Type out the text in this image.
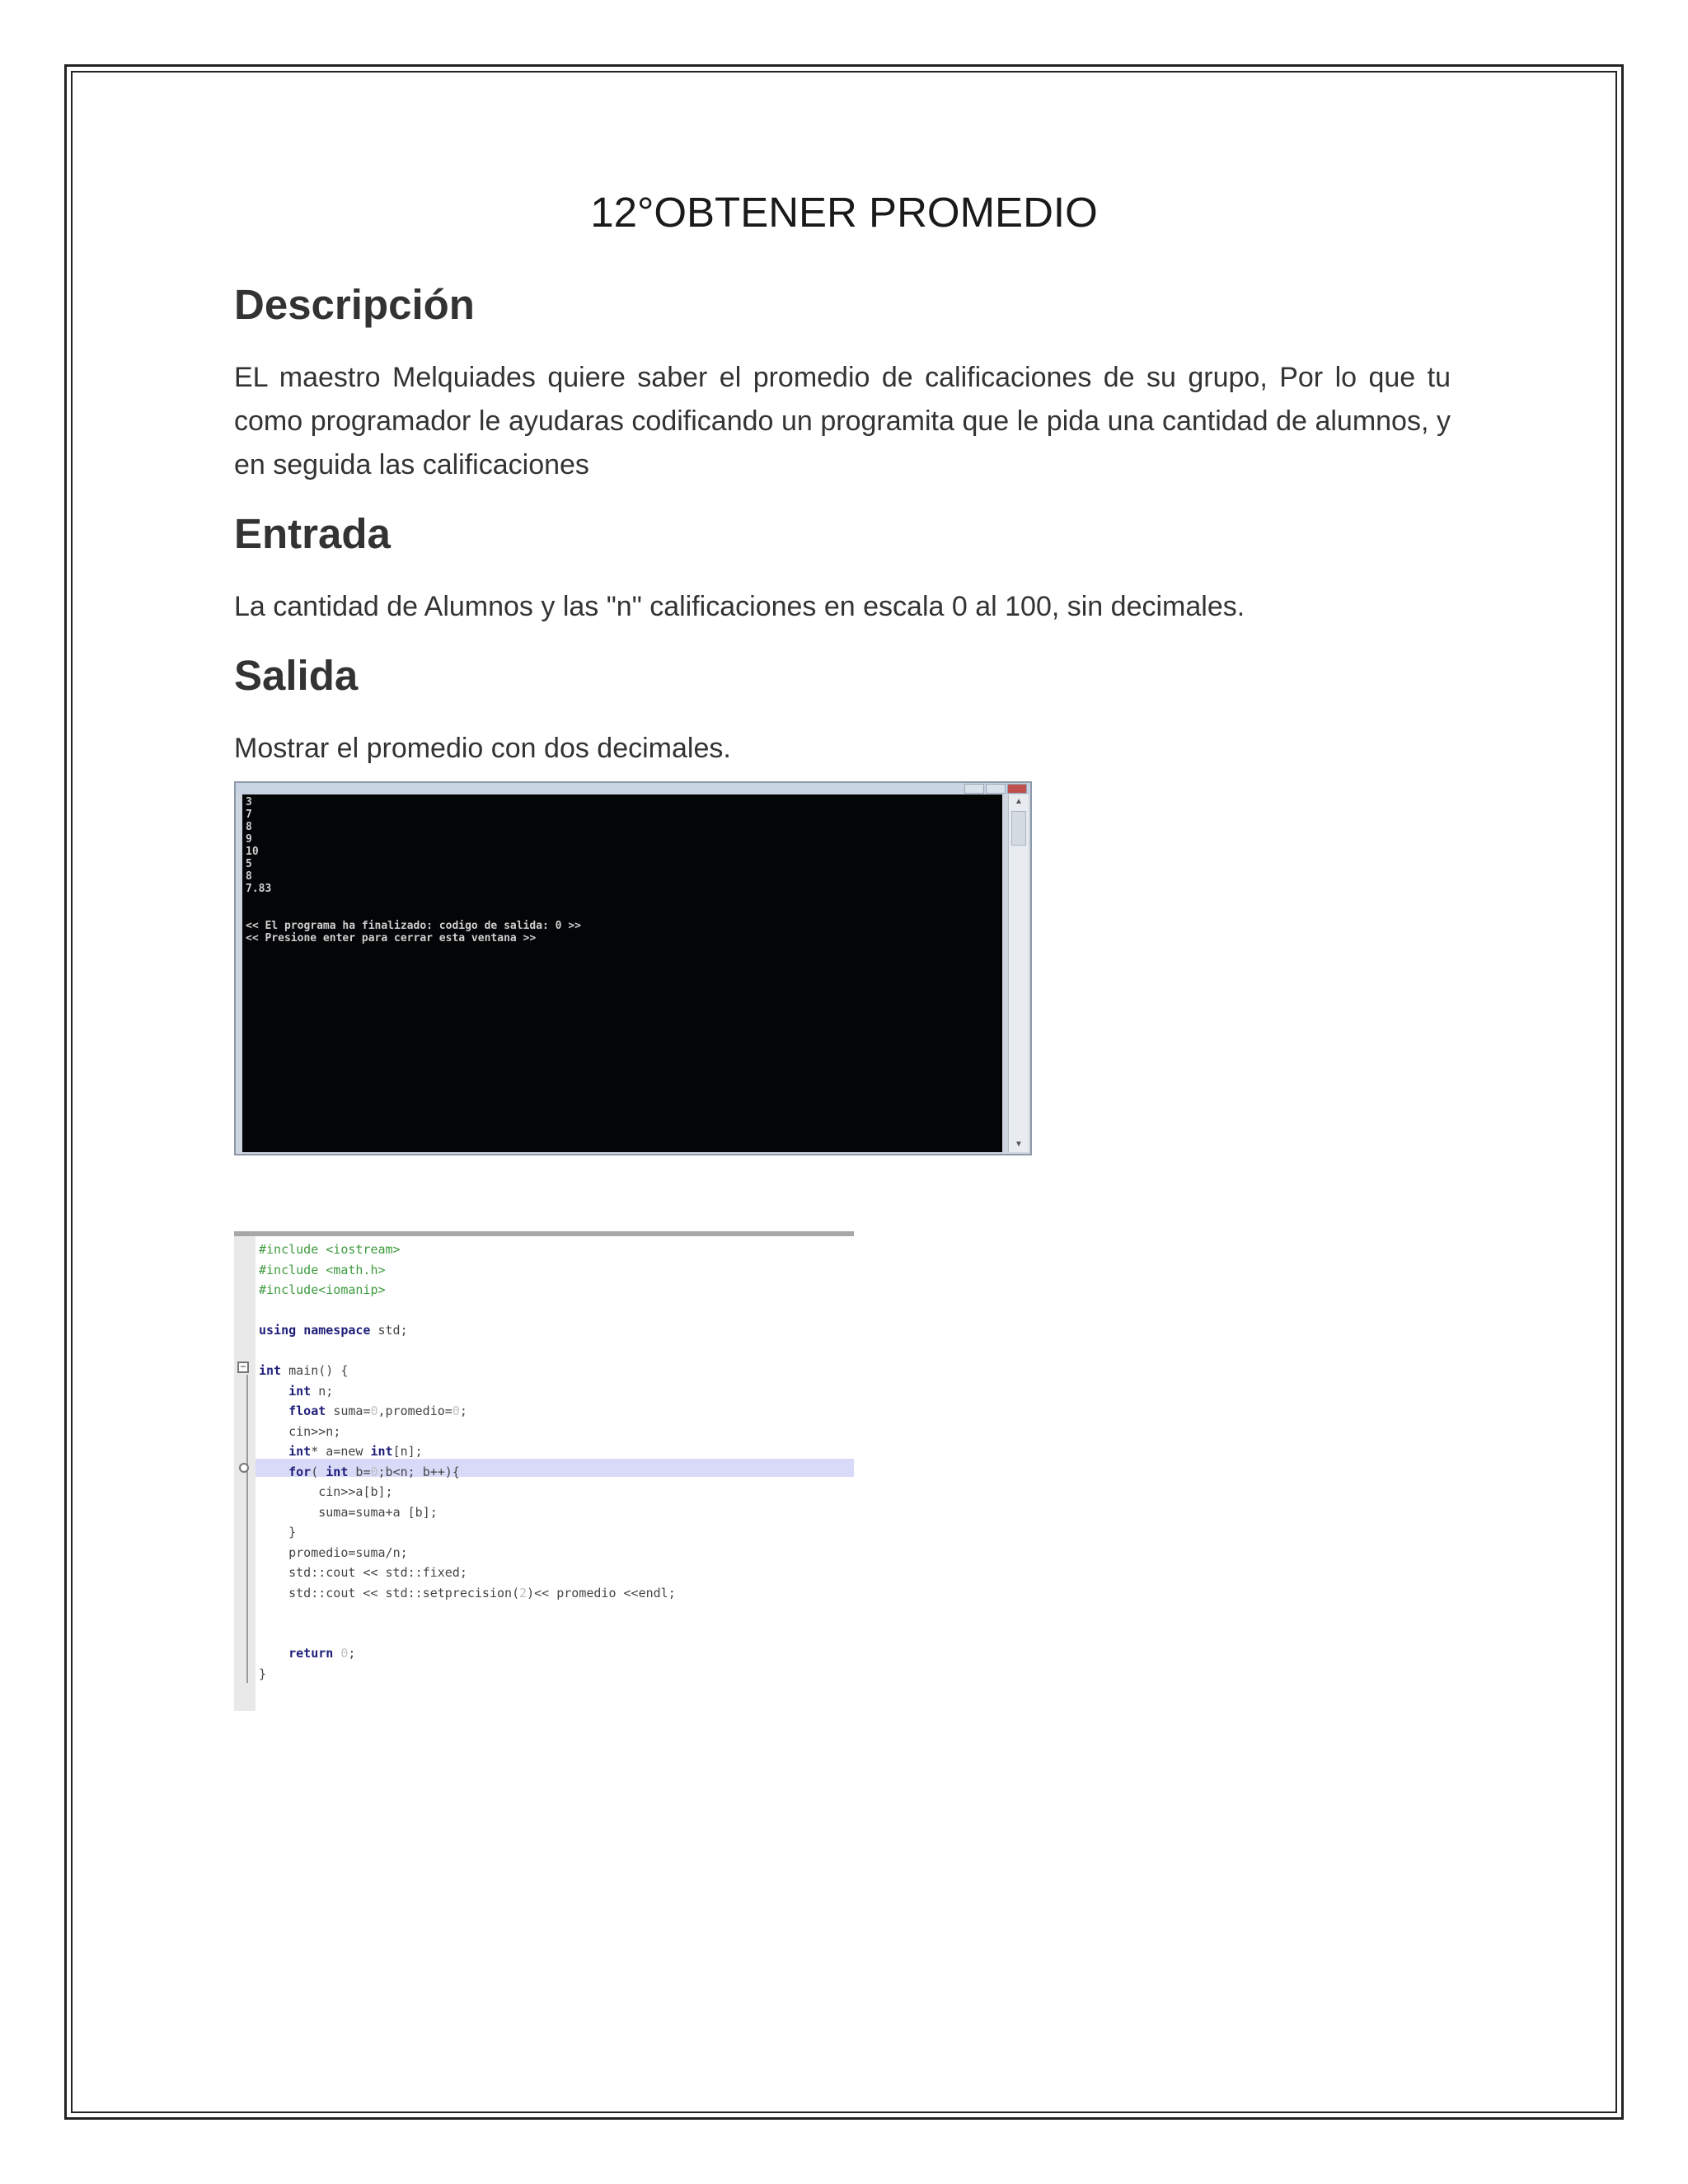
12°OBTENER PROMEDIO
Descripción
EL maestro Melquiades quiere saber el promedio de calificaciones de su grupo, Por lo que tu como programador le ayudaras codificando un programita que le pida una cantidad de alumnos, y en seguida las calificaciones
Entrada
La cantidad de Alumnos y las "n" calificaciones en escala 0 al 100, sin decimales.
Salida
Mostrar el promedio con dos decimales.
3
7
8
9
10
5
8
7.83
<< El programa ha finalizado: codigo de salida: 0 >>
<< Presione enter para cerrar esta ventana >>
▲
▼
−
#include <iostream>
#include <math.h>
#include<iomanip>
using namespace std;
int main() {
int n;
float suma=0,promedio=0;
cin>>n;
int* a=new int[n];
for( int b=0;b<n; b++){
cin>>a[b];
suma=suma+a [b];
}
promedio=suma/n;
std::cout << std::fixed;
std::cout << std::setprecision(2)<< promedio <<endl;
return 0;
}
